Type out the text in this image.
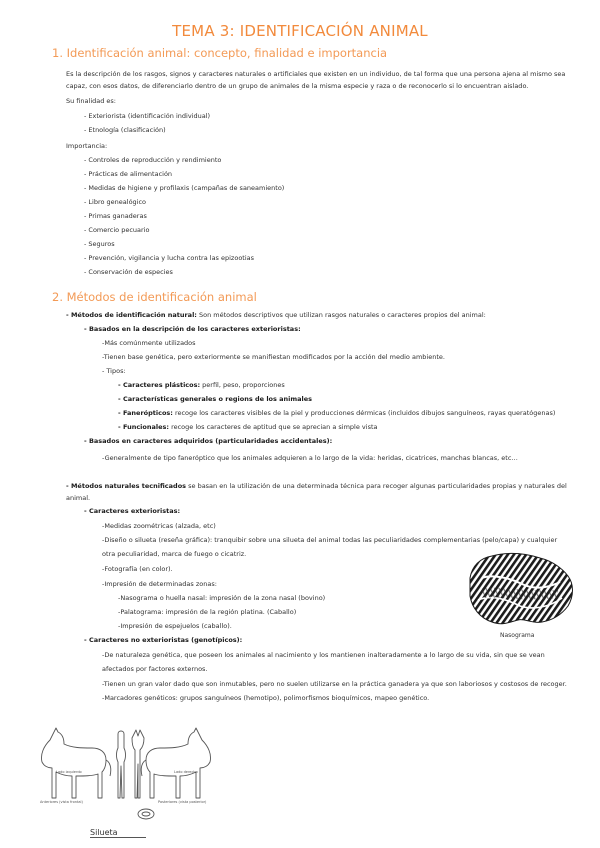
TEMA 3: IDENTIFICACIÓN ANIMAL
1. Identificación animal: concepto, finalidad e importancia
Es la descripción de los rasgos, signos y caracteres naturales o artificiales que existen en un individuo, de tal forma que una persona ajena al mismo sea
capaz, con esos datos, de diferenciarlo dentro de un grupo de animales de la misma especie y raza o de reconocerlo si lo encuentran aislado.
Su finalidad es:
- Exteriorista (identificación individual)
- Etnología (clasificación)
Importancia:
- Controles de reproducción y rendimiento
- Prácticas de alimentación
- Medidas de higiene y profilaxis (campañas de saneamiento)
- Libro genealógico
- Primas ganaderas
- Comercio pecuario
- Seguros
- Prevención, vigilancia y lucha contra las epizootias
- Conservación de especies
2. Métodos de identificación animal
- Métodos de identificación natural: Son métodos descriptivos que utilizan rasgos naturales o caracteres propios del animal:
- Basados en la descripción de los caracteres exterioristas:
-Más comúnmente utilizados
-Tienen base genética, pero exteriormente se manifiestan modificados por la acción del medio ambiente.
- Tipos:
- Caracteres plásticos: perfil, peso, proporciones
- Características generales o regions de los animales
- Fanerópticos: recoge los caracteres visibles de la piel y producciones dérmicas (incluidos dibujos sanguíneos, rayas queratógenas)
- Funcionales: recoge los caracteres de aptitud que se aprecian a simple vista
- Basados en caracteres adquiridos (particularidades accidentales):
-Generalmente de tipo faneróptico que los animales adquieren a lo largo de la vida: heridas, cicatrices, manchas blancas, etc…
- Métodos naturales tecnificados se basan en la utilización de una determinada técnica para recoger algunas particularidades propias y naturales del
animal.
- Caracteres exterioristas:
-Medidas zoométricas (alzada, etc)
-Diseño o silueta (reseña gráfica): tranquibir sobre una silueta del animal todas las peculiaridades complementarias (pelo/capa) y cualquier
otra peculiaridad, marca de fuego o cicatriz.
-Fotografía (en color).
-Impresión de determinadas zonas:
-Nasograma o huella nasal: impresión de la zona nasal (bovino)
-Palatograma: impresión de la región platina. (Caballo)
-Impresión de espejuelos (caballo).
- Caracteres no exterioristas (genotípicos):
-De naturaleza genética, que poseen los animales al nacimiento y los mantienen inalteradamente a lo largo de su vida, sin que se vean
afectados por factores externos.
-Tienen un gran valor dado que son inmutables, pero no suelen utilizarse en la práctica ganadera ya que son laboriosos y costosos de recoger.
-Marcadores genéticos: grupos sanguíneos (hemotipo), polimorfismos bioquímicos, mapeo genético.
Nasograma
Lado izquierdo	Lado derecho
Anteriores (vista frontal)	Posteriores (vista posterior)
Silueta
